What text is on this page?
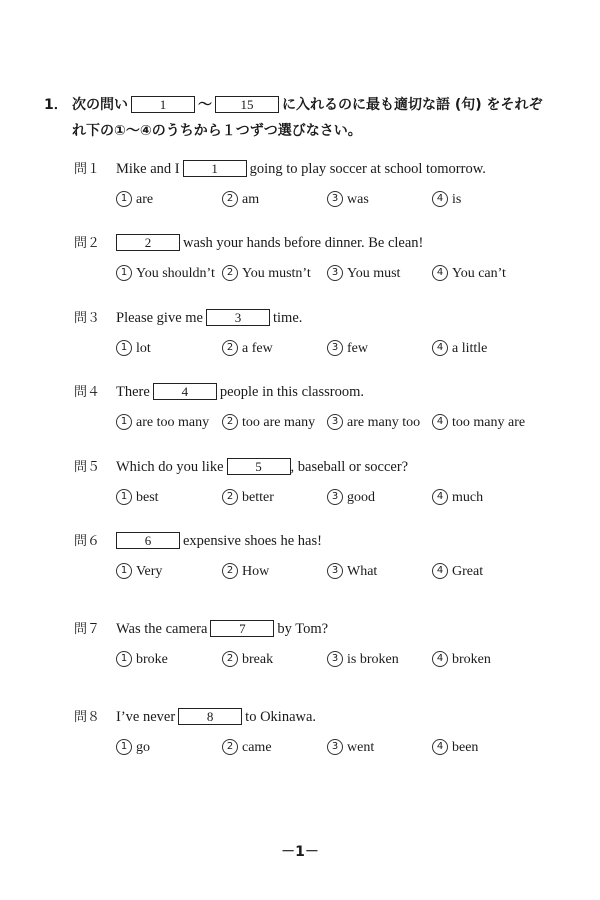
1． 次の問い 1 〜 15 に入れるのに最も適切な語 (句) をそれぞ
れ下の①〜④のうちから１つずつ選びなさい。
問１ Mike and I 1 going to play soccer at school tomorrow.
1 are	2 am	3 was	4 is
問２	2 wash your hands before dinner. Be clean!
1 You shouldn’t	2 You mustn’t	3 You must	4 You can’t
問３ Please give me 3 time.
1 lot	2 a few	3 few	4 a little
問４ There 4 people in this classroom.
1 are too many	2 too are many	3 are many too	4 too many are
問５ Which do you like 5 , baseball or soccer?
1 best	2 better	3 good	4 much
問６	6 expensive shoes he has!
1 Very	2 How	3 What	4 Great
問７ Was the camera 7 by Tom?
1 broke	2 break	3 is broken	4 broken
問８ I’ve never 8 to Okinawa.
1 go	2 came	3 went	4 been
－1－
